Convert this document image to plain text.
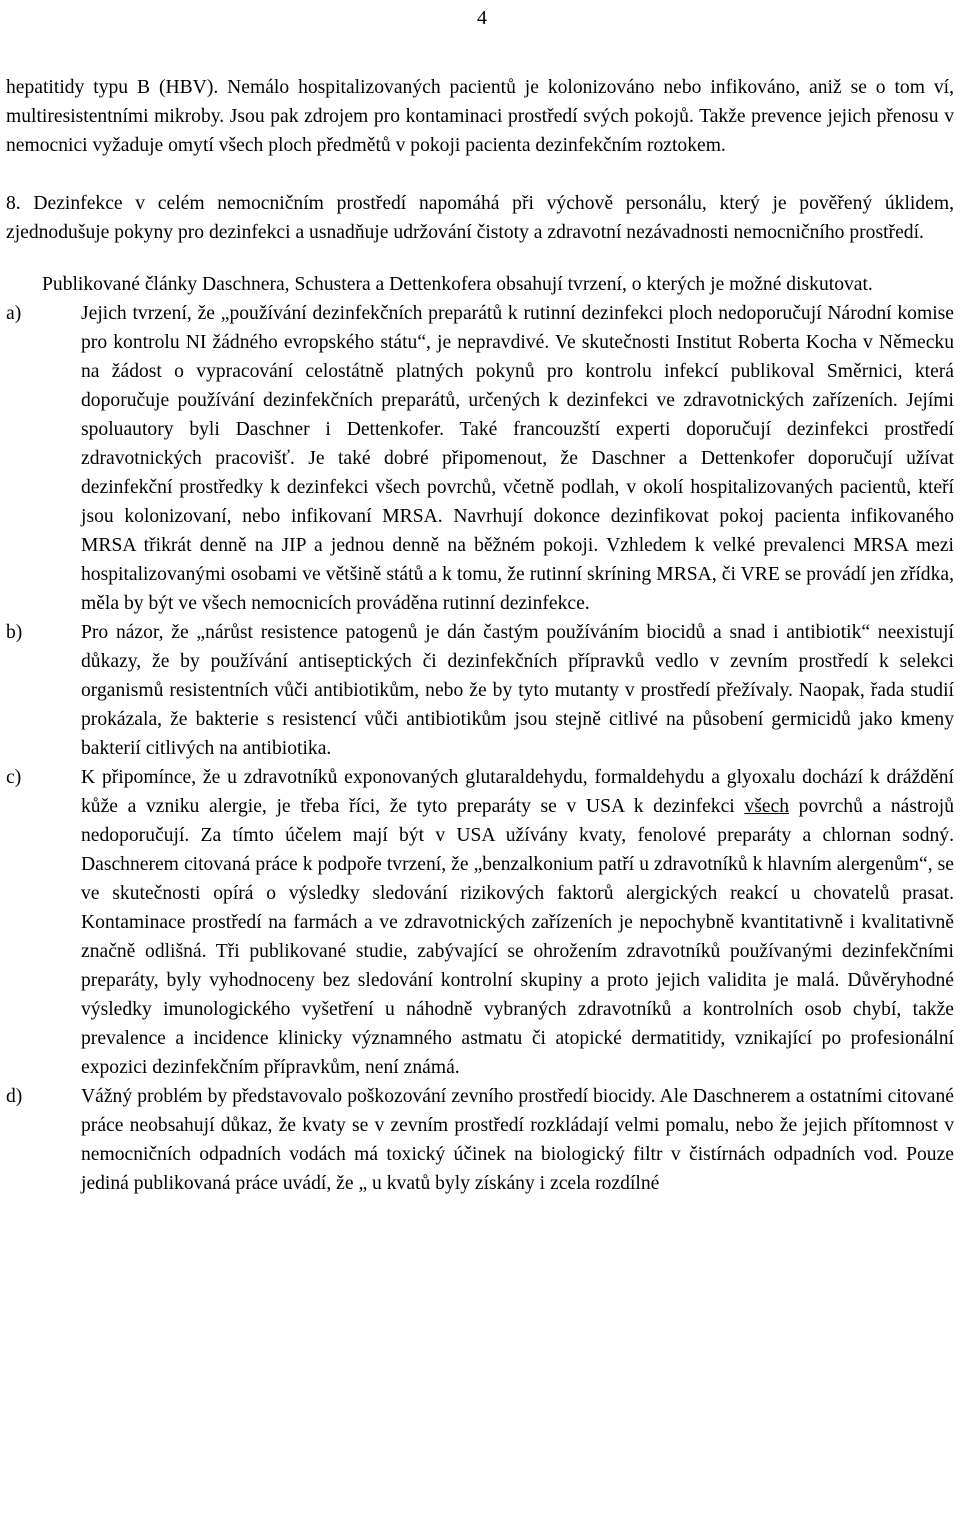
4

hepatitidy typu B (HBV). Nemálo hospitalizovaných pacientů je kolonizováno nebo infikováno, aniž se o tom ví, multiresistentními mikroby. Jsou pak zdrojem pro kontaminaci prostředí svých pokojů. Takže prevence jejich přenosu v nemocnici vyžaduje omytí všech ploch předmětů v pokoji pacienta dezinfekčním roztokem.

8. Dezinfekce v celém nemocničním prostředí napomáhá při výchově personálu, který je pověřený úklidem, zjednodušuje pokyny pro dezinfekci a usnadňuje udržování čistoty a zdravotní nezávadnosti nemocničního prostředí.

Publikované články Daschnera, Schustera a Dettenkofera obsahují tvrzení, o kterých je možné diskutovat.

a)	Jejich tvrzení, že „používání dezinfekčních preparátů k rutinní dezinfekci ploch nedoporučují Národní komise pro kontrolu NI žádného evropského státu“, je nepravdivé. Ve skutečnosti Institut Roberta Kocha v Německu na žádost o vypracování celostátně platných pokynů pro kontrolu infekcí publikoval Směrnici, která doporučuje používání dezinfekčních preparátů, určených k dezinfekci ve zdravotnických zařízeních. Jejími spoluautory byli Daschner i Dettenkofer. Také francouzští experti doporučují dezinfekci prostředí zdravotnických pracovišť. Je také dobré připomenout, že Daschner a Dettenkofer doporučují užívat dezinfekční prostředky k dezinfekci všech povrchů, včetně podlah, v okolí hospitalizovaných pacientů, kteří jsou kolonizovaní, nebo infikovaní MRSA. Navrhují dokonce dezinfikovat pokoj pacienta infikovaného MRSA třikrát denně na JIP a jednou denně na běžném pokoji. Vzhledem k velké prevalenci MRSA mezi hospitalizovanými osobami ve většině států a k tomu, že rutinní skríning MRSA, či VRE se provádí jen zřídka, měla by být ve všech nemocnicích prováděna rutinní dezinfekce.
b)	Pro názor, že „nárůst resistence patogenů je dán častým používáním biocidů a snad i antibiotik“ neexistují důkazy, že by používání antiseptických či dezinfekčních přípravků vedlo v zevním prostředí k selekci organismů resistentních vůči antibiotikům, nebo že by tyto mutanty v prostředí přežívaly. Naopak, řada studií prokázala, že bakterie s resistencí vůči antibiotikům jsou stejně citlivé na působení germicidů jako kmeny bakterií citlivých na antibiotika.
c)	K připomínce, že u zdravotníků exponovaných glutaraldehydu, formaldehydu a glyoxalu dochází k dráždění kůže a vzniku alergie, je třeba říci, že tyto preparáty se v USA k dezinfekci všech povrchů a nástrojů nedoporučují. Za tímto účelem mají být v USA užívány kvaty, fenolové preparáty a chlornan sodný. Daschnerem citovaná práce k podpoře tvrzení, že „benzalkonium patří u zdravotníků k hlavním alergenům“, se ve skutečnosti opírá o výsledky sledování rizikových faktorů alergických reakcí u chovatelů prasat. Kontaminace prostředí na farmách a ve zdravotnických zařízeních je nepochybně kvantitativně i kvalitativně značně odlišná. Tři publikované studie, zabývající se ohrožením zdravotníků používanými dezinfekčními preparáty, byly vyhodnoceny bez sledování kontrolní skupiny a proto jejich validita je malá. Důvěryhodné výsledky imunologického vyšetření u náhodně vybraných zdravotníků a kontrolních osob chybí, takže prevalence a incidence klinicky významného astmatu či atopické dermatitidy, vznikající po profesionální expozici dezinfekčním přípravkům, není známá.
d)	Vážný problém by představovalo poškozování zevního prostředí biocidy. Ale Daschnerem a ostatními citované práce neobsahují důkaz, že kvaty se v zevním prostředí rozkládají velmi pomalu, nebo že jejich přítomnost v nemocničních odpadních vodách má toxický účinek na biologický filtr v čistírnách odpadních vod. Pouze jediná publikovaná práce uvádí, že „ u kvatů byly získány i zcela rozdílné
